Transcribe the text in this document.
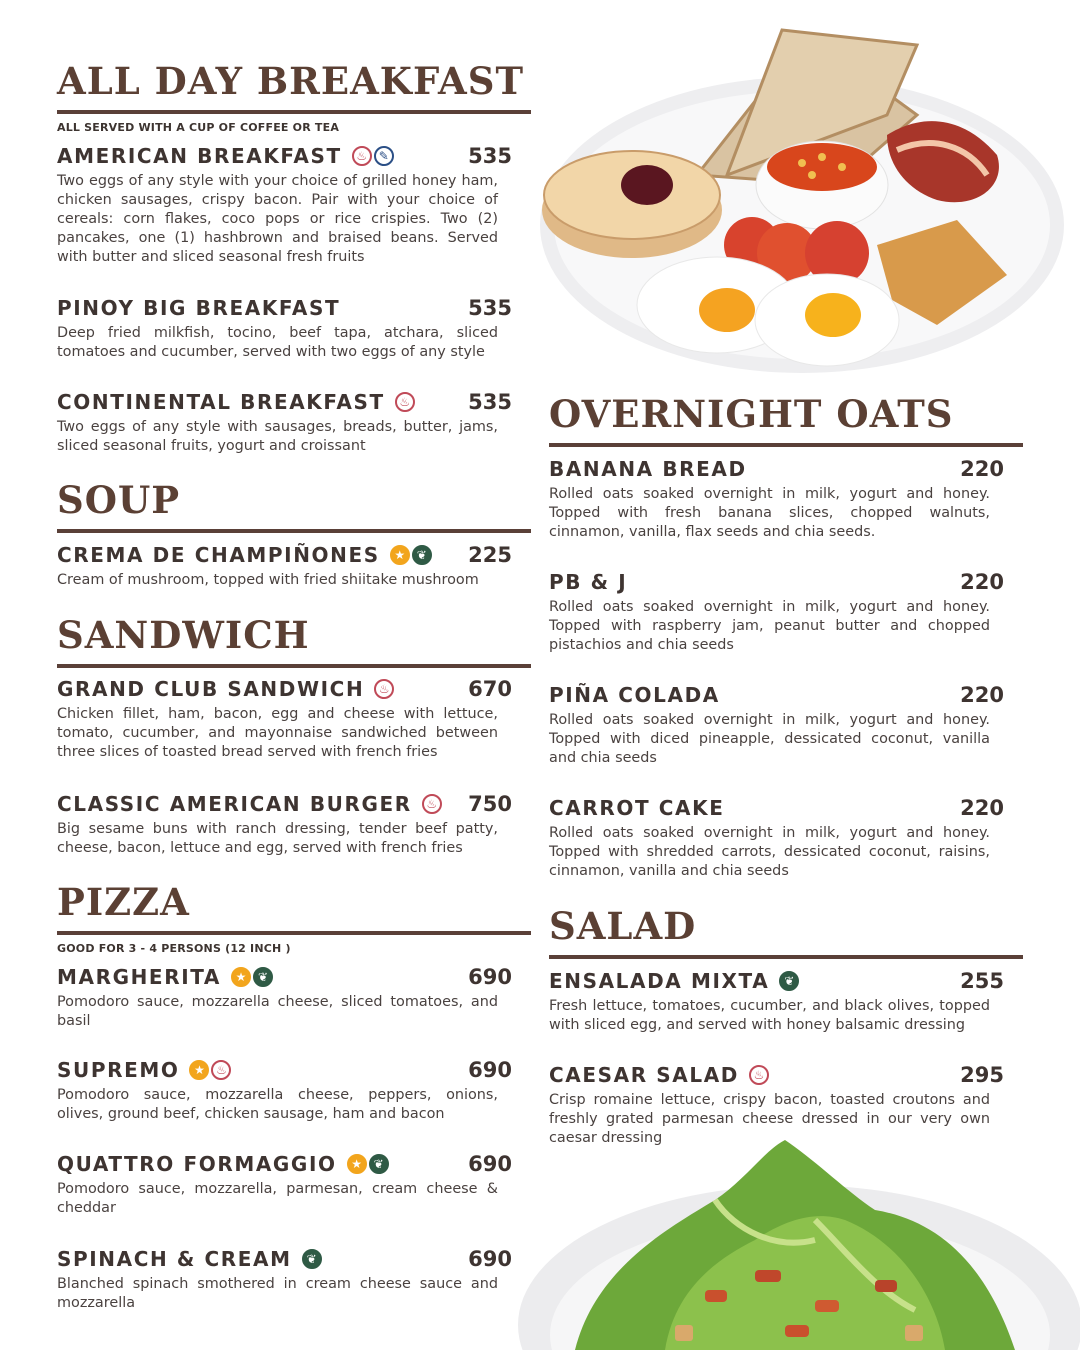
ALL DAY BREAKFAST
ALL SERVED WITH A CUP OF COFFEE OR TEA
AMERICAN BREAKFAST	♨ ✎	535
Two eggs of any style with your choice of grilled honey ham, chicken sausages, crispy bacon. Pair with your choice of cereals: corn flakes, coco pops or rice crispies. Two (2) pancakes, one (1) hashbrown and braised beans. Served with butter and sliced seasonal fresh fruits
PINOY BIG BREAKFAST	535
Deep fried milkfish, tocino, beef tapa, atchara, sliced tomatoes and cucumber, served with two eggs of any style
CONTINENTAL BREAKFAST	♨	535
Two eggs of any style with sausages, breads, butter, jams, sliced seasonal fruits, yogurt and croissant
SOUP
CREMA DE CHAMPIÑONES	★ ❦ 225
Cream of mushroom, topped with fried shiitake mushroom
SANDWICH
GRAND CLUB SANDWICH	♨	670
Chicken fillet, ham, bacon, egg and cheese with lettuce, tomato, cucumber, and mayonnaise sandwiched between three slices of toasted bread served with french fries
CLASSIC AMERICAN BURGER	♨ 750
Big sesame buns with ranch dressing, tender beef patty, cheese, bacon, lettuce and egg, served with french fries
PIZZA
GOOD FOR 3 - 4 PERSONS (12 INCH )
MARGHERITA	★ ❦	690
Pomodoro sauce, mozzarella cheese, sliced tomatoes, and basil
SUPREMO	★ ♨	690
Pomodoro sauce, mozzarella cheese, peppers, onions, olives, ground beef, chicken sausage, ham and bacon
QUATTRO FORMAGGIO	★ ❦	690
Pomodoro sauce, mozzarella, parmesan, cream cheese & cheddar
SPINACH & CREAM	❦	690
Blanched spinach smothered in cream cheese sauce and mozzarella
OVERNIGHT OATS
BANANA BREAD	220
Rolled oats soaked overnight in milk, yogurt and honey. Topped with fresh banana slices, chopped walnuts, cinnamon, vanilla, flax seeds and chia seeds.
PB & J	220
Rolled oats soaked overnight in milk, yogurt and honey. Topped with raspberry jam, peanut butter and chopped pistachios and chia seeds
PIÑA COLADA	220
Rolled oats soaked overnight in milk, yogurt and honey. Topped with diced pineapple, dessicated coconut, vanilla and chia seeds
CARROT CAKE	220
Rolled oats soaked overnight in milk, yogurt and honey. Topped with shredded carrots, dessicated coconut, raisins, cinnamon, vanilla and chia seeds
SALAD
ENSALADA MIXTA	❦	255
Fresh lettuce, tomatoes, cucumber, and black olives, topped with sliced egg, and served with honey balsamic dressing
CAESAR SALAD	♨	295
Crisp romaine lettuce, crispy bacon, toasted croutons and freshly grated parmesan cheese dressed in our very own caesar dressing
